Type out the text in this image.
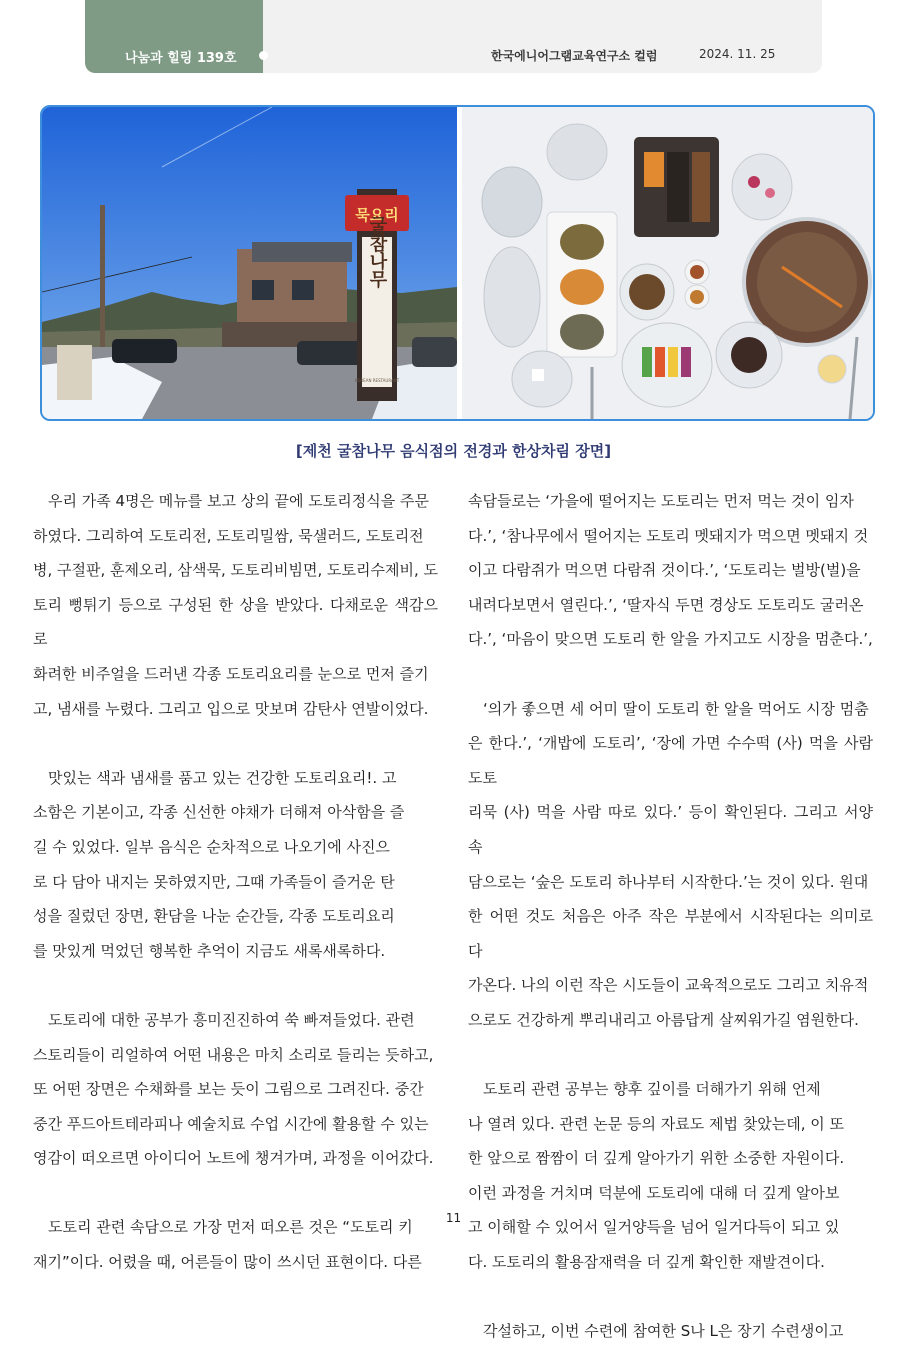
나눔과 힐링 139호	한국에니어그램교육연구소 컬럼	2024. 11. 25
묵요리
굴참나무
KOREAN RESTAURANT
[제천 굴참나무 음식점의 전경과 한상차림 장면]

우리 가족 4명은 메뉴를 보고 상의 끝에 도토리정식을 주문
하였다. 그리하여 도토리전, 도토리밀쌈, 묵샐러드, 도토리전
병, 구절판, 훈제오리, 삼색묵, 도토리비빔면, 도토리수제비, 도
토리 뻥튀기 등으로 구성된 한 상을 받았다. 다채로운 색감으로
화려한 비주얼을 드러낸 각종 도토리요리를 눈으로 먼저 즐기
고, 냄새를 누렸다. 그리고 입으로 맛보며 감탄사 연발이었다.

맛있는 색과 냄새를 품고 있는 건강한 도토리요리!. 고
소함은 기본이고, 각종 신선한 야채가 더해져 아삭함을 즐
길 수 있었다. 일부 음식은 순차적으로 나오기에 사진으
로 다 담아 내지는 못하였지만, 그때 가족들이 즐거운 탄
성을 질렀던 장면, 환담을 나눈 순간들, 각종 도토리요리
를 맛있게 먹었던 행복한 추억이 지금도 새록새록하다.

도토리에 대한 공부가 흥미진진하여 쑥 빠져들었다. 관련
스토리들이 리얼하여 어떤 내용은 마치 소리로 들리는 듯하고,
또 어떤 장면은 수채화를 보는 듯이 그림으로 그려진다. 중간
중간 푸드아트테라피나 예술치료 수업 시간에 활용할 수 있는
영감이 떠오르면 아이디어 노트에 챙겨가며, 과정을 이어갔다.

도토리 관련 속담으로 가장 먼저 떠오른 것은 “도토리 키
재기”이다. 어렸을 때, 어른들이 많이 쓰시던 표현이다. 다른

속담들로는 ‘가을에 떨어지는 도토리는 먼저 먹는 것이 임자
다.’, ‘참나무에서 떨어지는 도토리 멧돼지가 먹으면 멧돼지 것
이고 다람쥐가 먹으면 다람쥐 것이다.’, ‘도토리는 벌방(벌)을
내려다보면서 열린다.’, ‘딸자식 두면 경상도 도토리도 굴러온
다.’, ‘마음이 맞으면 도토리 한 알을 가지고도 시장을 멈춘다.’,

‘의가 좋으면 세 어미 딸이 도토리 한 알을 먹어도 시장 멈춤
은 한다.’, ‘개밥에 도토리’, ‘장에 가면 수수떡 (사) 먹을 사람 도토
리묵 (사) 먹을 사람 따로 있다.’ 등이 확인된다. 그리고 서양 속
담으로는 ‘숲은 도토리 하나부터 시작한다.’는 것이 있다. 원대
한 어떤 것도 처음은 아주 작은 부분에서 시작된다는 의미로 다
가온다. 나의 이런 작은 시도들이 교육적으로도 그리고 치유적
으로도 건강하게 뿌리내리고 아름답게 살찌워가길 염원한다.

도토리 관련 공부는 향후 깊이를 더해가기 위해 언제
나 열려 있다. 관련 논문 등의 자료도 제법 찾았는데, 이 또
한 앞으로 짬짬이 더 깊게 알아가기 위한 소중한 자원이다.
이런 과정을 거치며 덕분에 도토리에 대해 더 깊게 알아보
고 이해할 수 있어서 일거양득을 넘어 일거다득이 되고 있
다. 도토리의 활용잠재력을 더 깊게 확인한 재발견이다.

각설하고, 이번 수련에 참여한 S나 L은 장기 수련생이고

11
